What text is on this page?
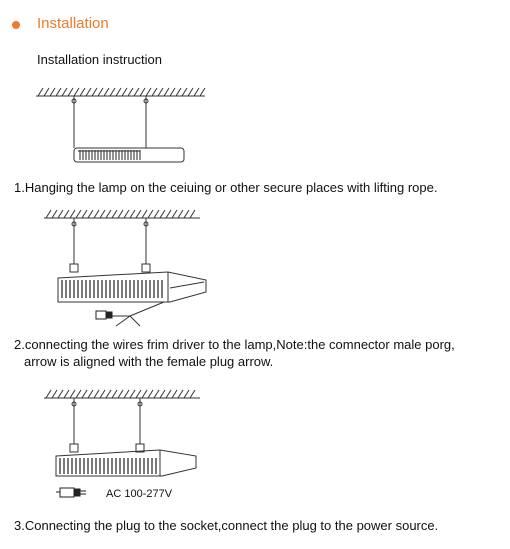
Installation
Installation instruction
1.Hanging the lamp on the ceiuing or other secure places with lifting rope.
2.connecting the wires frim driver to the lamp,Note:the comnector male porg,
arrow is aligned with the female plug arrow.
AC 100-277V
3.Connecting the plug to the socket,connect the plug to the power source.
